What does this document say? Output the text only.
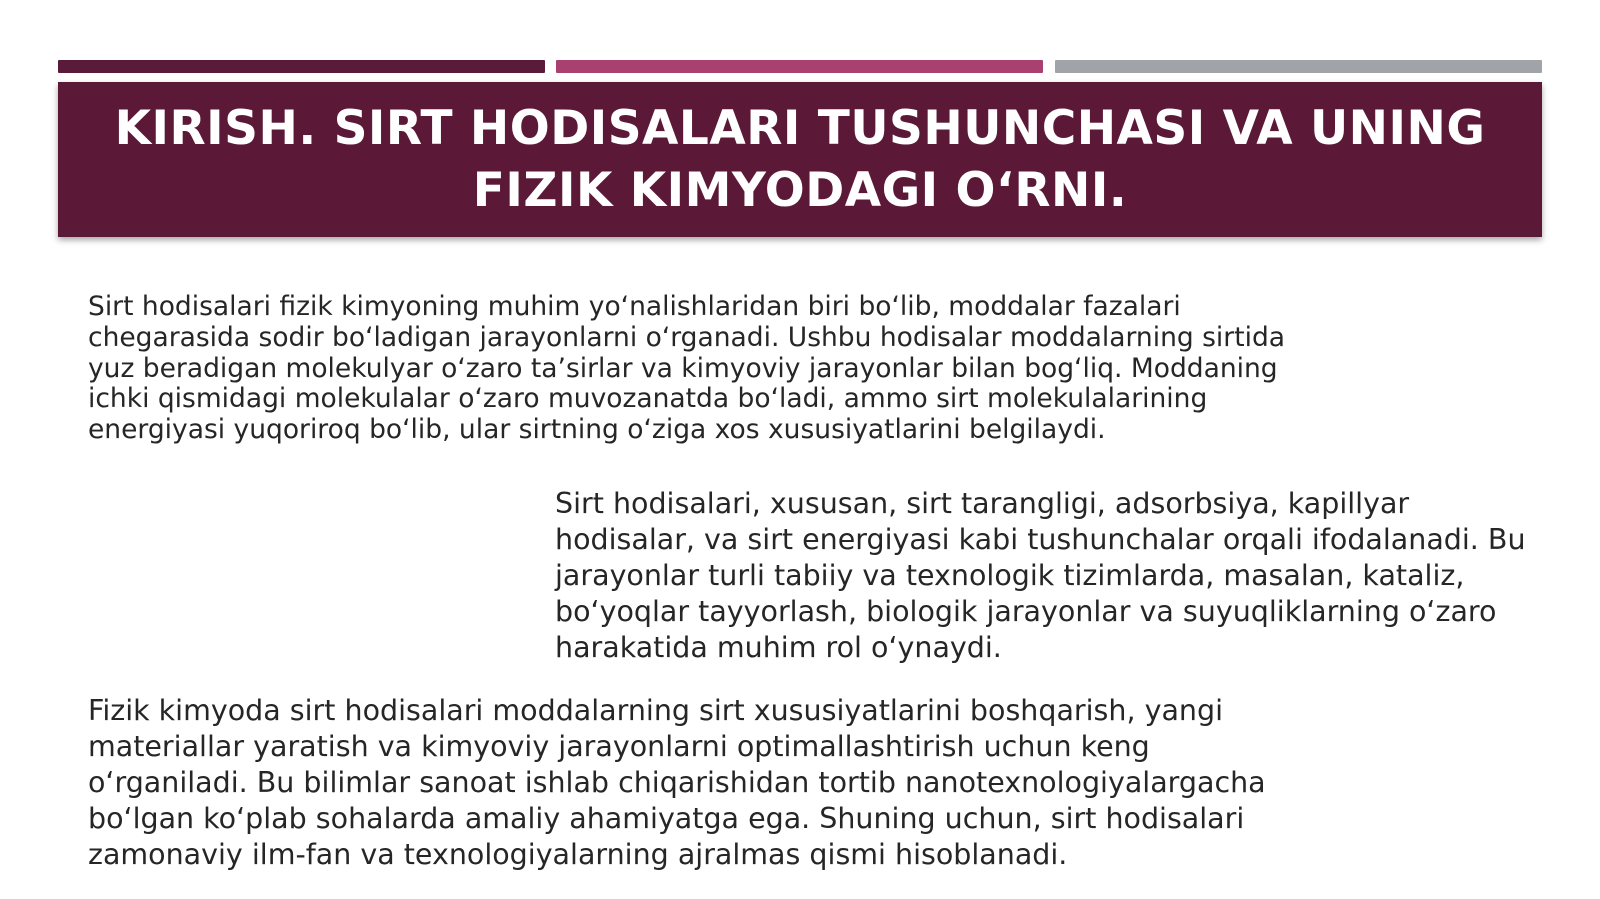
KIRISH. SIRT HODISALARI TUSHUNCHASI VA UNING FIZIK KIMYODAGI O‘RNI.

Sirt hodisalari fizik kimyoning muhim yo‘nalishlaridan biri bo‘lib, moddalar fazalari chegarasida sodir bo‘ladigan jarayonlarni o‘rganadi. Ushbu hodisalar moddalarning sirtida yuz beradigan molekulyar o‘zaro ta’sirlar va kimyoviy jarayonlar bilan bog‘liq. Moddaning ichki qismidagi molekulalar o‘zaro muvozanatda bo‘ladi, ammo sirt molekulalarining energiyasi yuqoriroq bo‘lib, ular sirtning o‘ziga xos xususiyatlarini belgilaydi.

Sirt hodisalari, xususan, sirt tarangligi, adsorbsiya, kapillyar hodisalar, va sirt energiyasi kabi tushunchalar orqali ifodalanadi. Bu jarayonlar turli tabiiy va texnologik tizimlarda, masalan, kataliz, bo‘yoqlar tayyorlash, biologik jarayonlar va suyuqliklarning o‘zaro harakatida muhim rol o‘ynaydi.

Fizik kimyoda sirt hodisalari moddalarning sirt xususiyatlarini boshqarish, yangi materiallar yaratish va kimyoviy jarayonlarni optimallashtirish uchun keng o‘rganiladi. Bu bilimlar sanoat ishlab chiqarishidan tortib nanotexnologiyalargacha bo‘lgan ko‘plab sohalarda amaliy ahamiyatga ega. Shuning uchun, sirt hodisalari zamonaviy ilm-fan va texnologiyalarning ajralmas qismi hisoblanadi.
